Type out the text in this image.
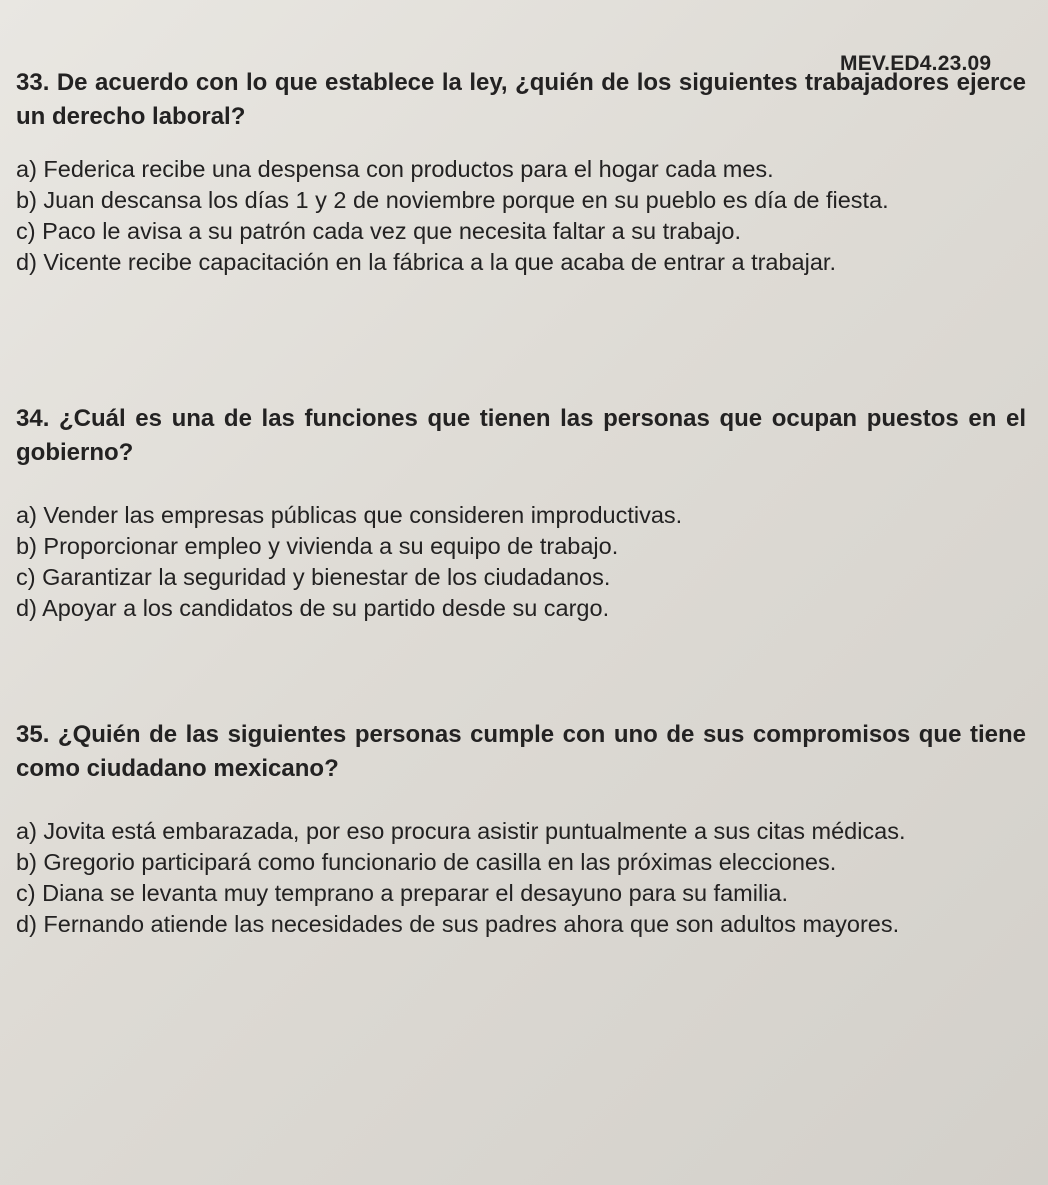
MEV.ED4.23.09

33. De acuerdo con lo que establece la ley, ¿quién de los siguientes trabajadores ejerce un derecho laboral?

a) Federica recibe una despensa con productos para el hogar cada mes.

b) Juan descansa los días 1 y 2 de noviembre porque en su pueblo es día de fiesta.

c) Paco le avisa a su patrón cada vez que necesita faltar a su trabajo.

d) Vicente recibe capacitación en la fábrica a la que acaba de entrar a trabajar.

34. ¿Cuál es una de las funciones que tienen las personas que ocupan puestos en el gobierno?

a) Vender las empresas públicas que consideren improductivas.

b) Proporcionar empleo y vivienda a su equipo de trabajo.

c) Garantizar la seguridad y bienestar de los ciudadanos.

d) Apoyar a los candidatos de su partido desde su cargo.

35. ¿Quién de las siguientes personas cumple con uno de sus compromisos que tiene como ciudadano mexicano?

a) Jovita está embarazada, por eso procura asistir puntualmente a sus citas médicas.

b) Gregorio participará como funcionario de casilla en las próximas elecciones.

c) Diana se levanta muy temprano a preparar el desayuno para su familia.

d) Fernando atiende las necesidades de sus padres ahora que son adultos mayores.
